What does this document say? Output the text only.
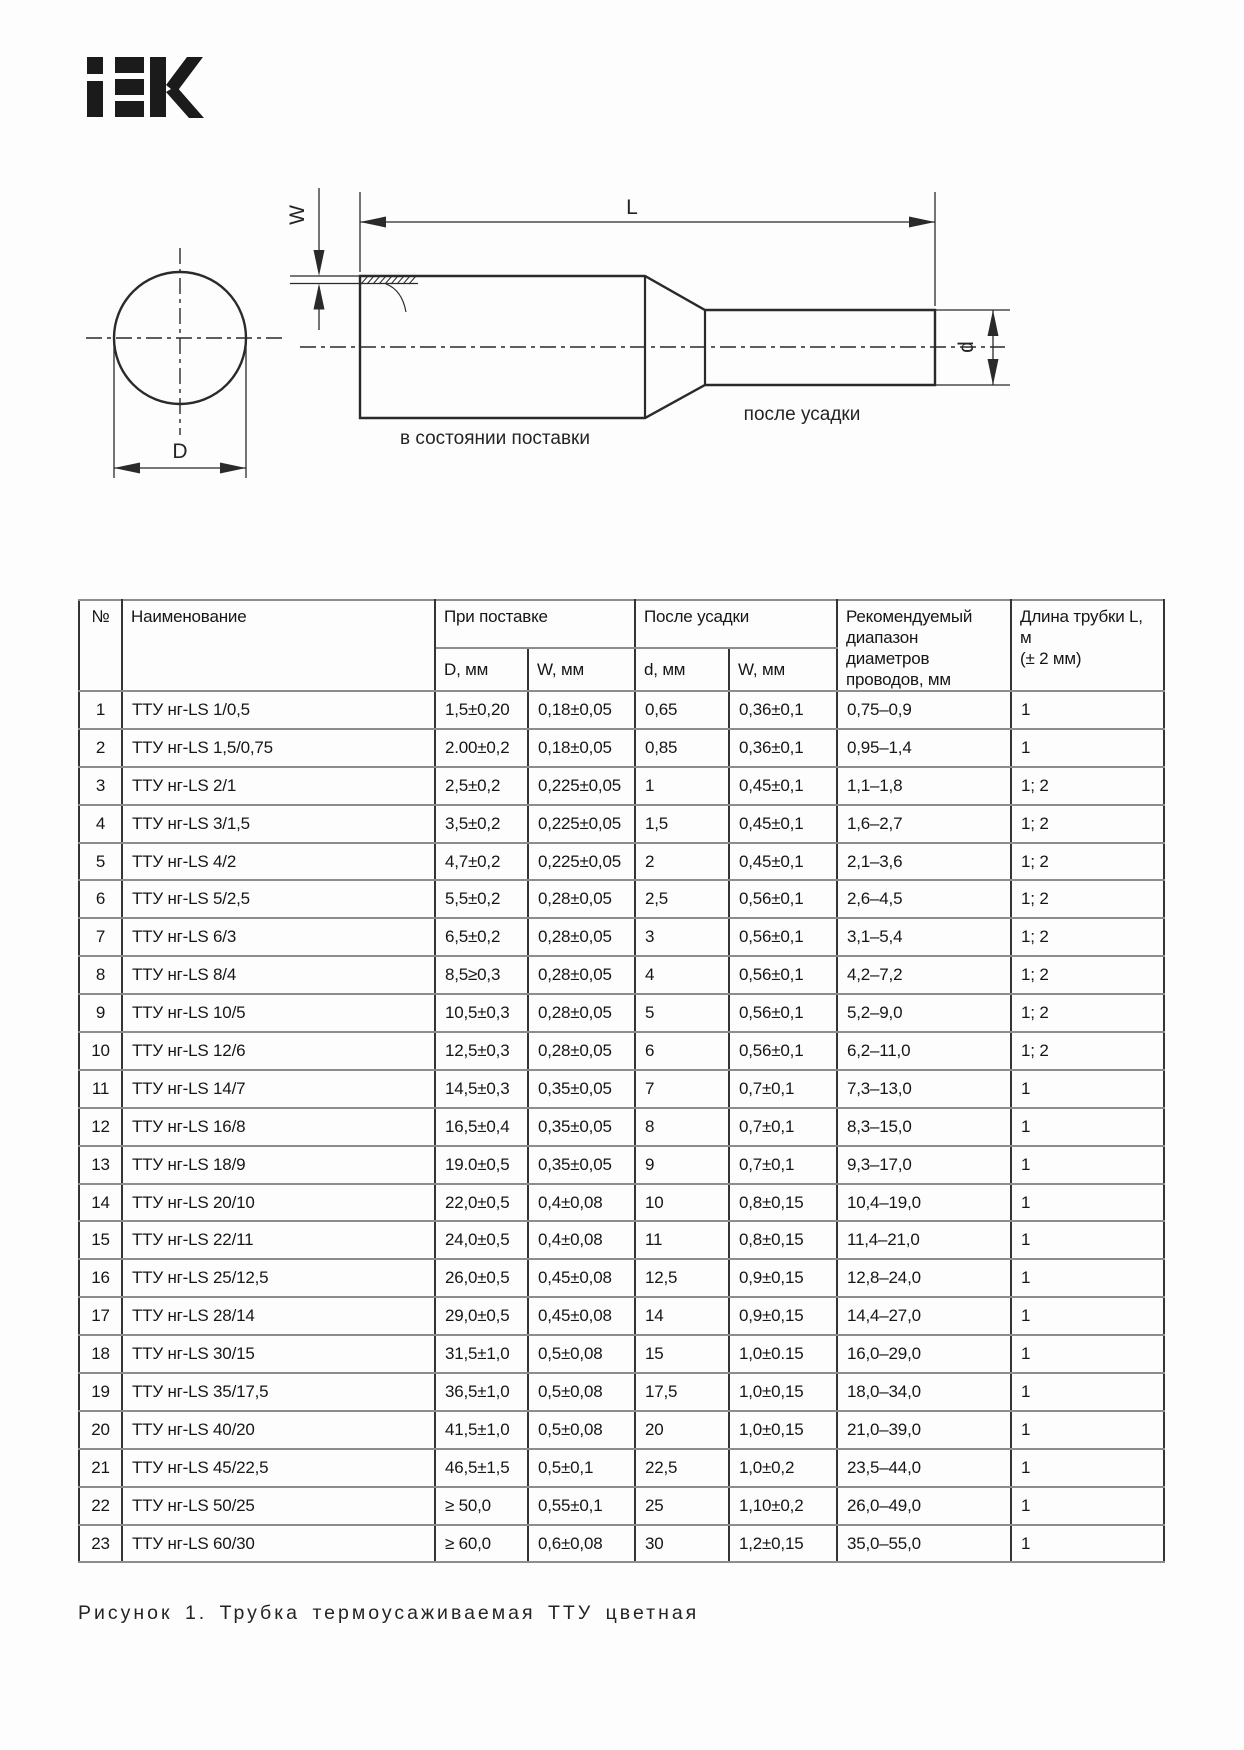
D
W	L
d
в состоянии поставки
после усадки
№	Наименование	При поставке		После усадки		Рекомендуемый диапазон диаметров проводов, мм	Длина трубки L, м
(± 2 мм)

		D, мм	W, мм	d, мм	W, мм		
1	ТТУ нг-LS 1/0,5	1,5±0,20	0,18±0,05	0,65	0,36±0,1	0,75–0,9	1
2	ТТУ нг-LS 1,5/0,75	2.00±0,2	0,18±0,05	0,85	0,36±0,1	0,95–1,4	1
3	ТТУ нг-LS 2/1	2,5±0,2	0,225±0,05	1	0,45±0,1	1,1–1,8	1; 2
4	ТТУ нг-LS 3/1,5	3,5±0,2	0,225±0,05	1,5	0,45±0,1	1,6–2,7	1; 2
5	ТТУ нг-LS 4/2	4,7±0,2	0,225±0,05	2	0,45±0,1	2,1–3,6	1; 2
6	ТТУ нг-LS 5/2,5	5,5±0,2	0,28±0,05	2,5	0,56±0,1	2,6–4,5	1; 2
7	ТТУ нг-LS 6/3	6,5±0,2	0,28±0,05	3	0,56±0,1	3,1–5,4	1; 2
8	ТТУ нг-LS 8/4	8,5≥0,3	0,28±0,05	4	0,56±0,1	4,2–7,2	1; 2
9	ТТУ нг-LS 10/5	10,5±0,3	0,28±0,05	5	0,56±0,1	5,2–9,0	1; 2
10	ТТУ нг-LS 12/6	12,5±0,3	0,28±0,05	6	0,56±0,1	6,2–11,0	1; 2
11	ТТУ нг-LS 14/7	14,5±0,3	0,35±0,05	7	0,7±0,1	7,3–13,0	1
12	ТТУ нг-LS 16/8	16,5±0,4	0,35±0,05	8	0,7±0,1	8,3–15,0	1
13	ТТУ нг-LS 18/9	19.0±0,5	0,35±0,05	9	0,7±0,1	9,3–17,0	1
14	ТТУ нг-LS 20/10	22,0±0,5	0,4±0,08	10	0,8±0,15	10,4–19,0	1
15	ТТУ нг-LS 22/11	24,0±0,5	0,4±0,08	11	0,8±0,15	11,4–21,0	1
16	ТТУ нг-LS 25/12,5	26,0±0,5	0,45±0,08	12,5	0,9±0,15	12,8–24,0	1
17	ТТУ нг-LS 28/14	29,0±0,5	0,45±0,08	14	0,9±0,15	14,4–27,0	1
18	ТТУ нг-LS 30/15	31,5±1,0	0,5±0,08	15	1,0±0.15	16,0–29,0	1
19	ТТУ нг-LS 35/17,5	36,5±1,0	0,5±0,08	17,5	1,0±0,15	18,0–34,0	1
20	ТТУ нг-LS 40/20	41,5±1,0	0,5±0,08	20	1,0±0,15	21,0–39,0	1
21	ТТУ нг-LS 45/22,5	46,5±1,5	0,5±0,1	22,5	1,0±0,2	23,5–44,0	1
22	ТТУ нг-LS 50/25	≥ 50,0	0,55±0,1	25	1,10±0,2	26,0–49,0	1
23	ТТУ нг-LS 60/30	≥ 60,0	0,6±0,08	30	1,2±0,15	35,0–55,0	1
Рисунок 1. Трубка термоусаживаемая ТТУ цветная
